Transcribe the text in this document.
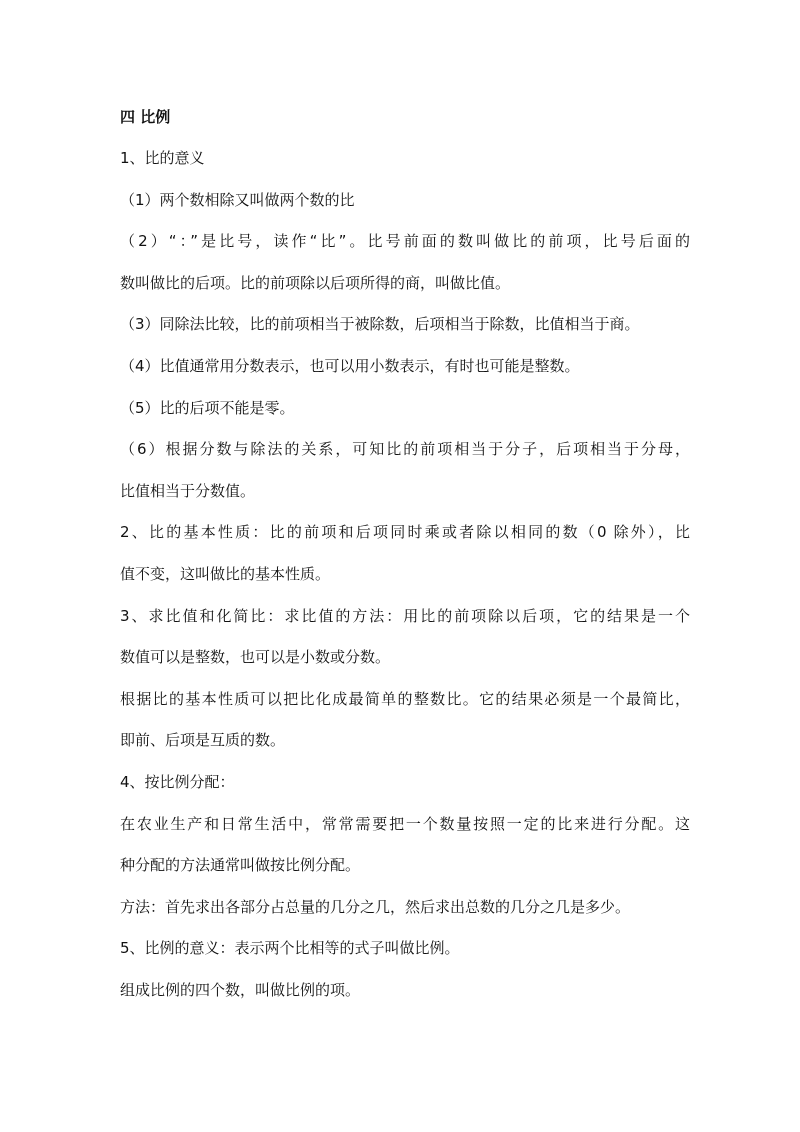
四 比例

1、比的意义

（1）两个数相除又叫做两个数的比

（2）“：”是比号，读作“比”。比号前面的数叫做比的前项，比号后面的

数叫做比的后项。比的前项除以后项所得的商，叫做比值。

（3）同除法比较，比的前项相当于被除数，后项相当于除数，比值相当于商。

（4）比值通常用分数表示，也可以用小数表示，有时也可能是整数。

（5）比的后项不能是零。

（6）根据分数与除法的关系，可知比的前项相当于分子，后项相当于分母，

比值相当于分数值。

2、比的基本性质：比的前项和后项同时乘或者除以相同的数（0 除外），比

值不变，这叫做比的基本性质。

3、求比值和化简比：求比值的方法：用比的前项除以后项，它的结果是一个

数值可以是整数，也可以是小数或分数。

根据比的基本性质可以把比化成最简单的整数比。它的结果必须是一个最简比，

即前、后项是互质的数。

4、按比例分配：

在农业生产和日常生活中，常常需要把一个数量按照一定的比来进行分配。这

种分配的方法通常叫做按比例分配。

方法：首先求出各部分占总量的几分之几，然后求出总数的几分之几是多少。

5、比例的意义：表示两个比相等的式子叫做比例。

组成比例的四个数，叫做比例的项。
